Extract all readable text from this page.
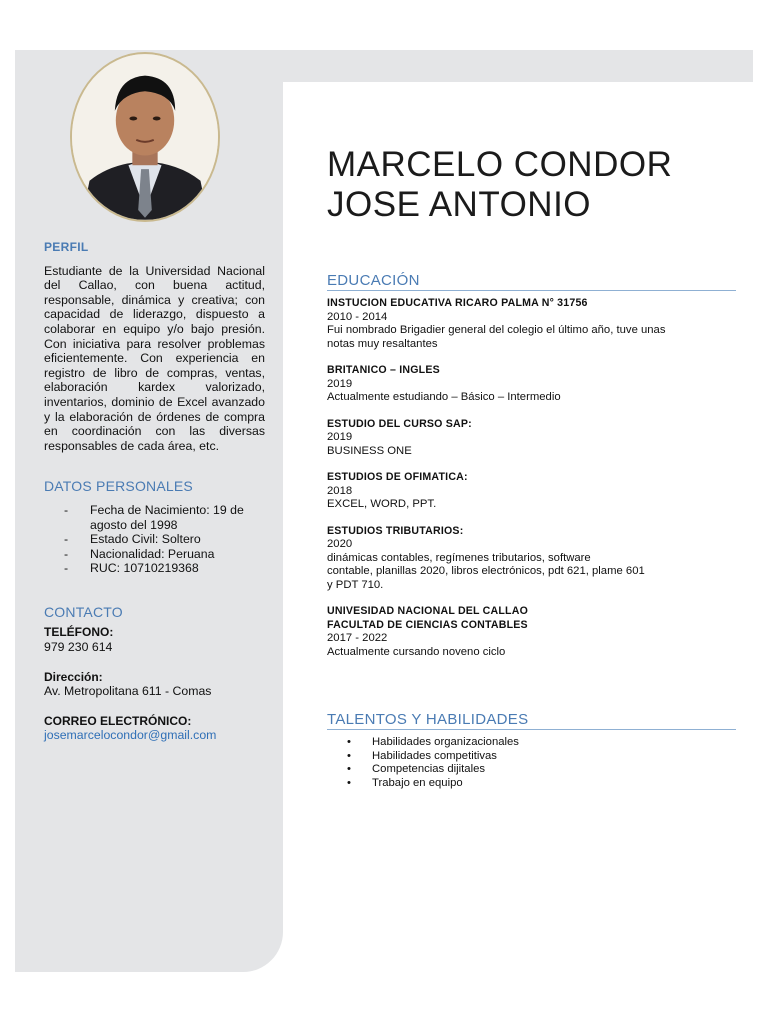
PERFIL

Estudiante de la Universidad Nacional del Callao, con buena actitud, responsable, dinámica y creativa; con capacidad de liderazgo, dispuesto a colaborar en equipo y/o bajo presión. Con iniciativa para resolver problemas eficientemente. Con experiencia en registro de libro de compras, ventas, elaboración kardex valorizado, inventarios, dominio de Excel avanzado y la elaboración de órdenes de compra en coordinación con las diversas responsables de cada área, etc.

DATOS PERSONALES
- Fecha de Nacimiento: 19 de agosto del 1998
- Estado Civil: Soltero
- Nacionalidad: Peruana
- RUC: 10710219368
CONTACTO

TELÉFONO:

979 230 614

Dirección:

Av. Metropolitana 611 - Comas

CORREO ELECTRÓNICO:

josemarcelocondor@gmail.com

MARCELO CONDOR

JOSE ANTONIO

EDUCACIÓN
INSTUCION EDUCATIVA RICARO PALMA N° 31756
2010 - 2014
Fui nombrado Brigadier general del colegio el último año, tuve unas
notas muy resaltantes
BRITANICO – INGLES
2019
Actualmente estudiando – Básico – Intermedio
ESTUDIO DEL CURSO SAP:
2019
BUSINESS ONE
ESTUDIOS DE OFIMATICA:
2018
EXCEL, WORD, PPT.
ESTUDIOS TRIBUTARIOS:
2020
dinámicas contables, regímenes tributarios, software
contable, planillas 2020, libros electrónicos, pdt 621, plame 601
y PDT 710.
UNIVESIDAD NACIONAL DEL CALLAO
FACULTAD DE CIENCIAS CONTABLES
2017 - 2022
Actualmente cursando noveno ciclo
TALENTOS Y HABILIDADES
• Habilidades organizacionales
• Habilidades competitivas
• Competencias dijitales
• Trabajo en equipo
